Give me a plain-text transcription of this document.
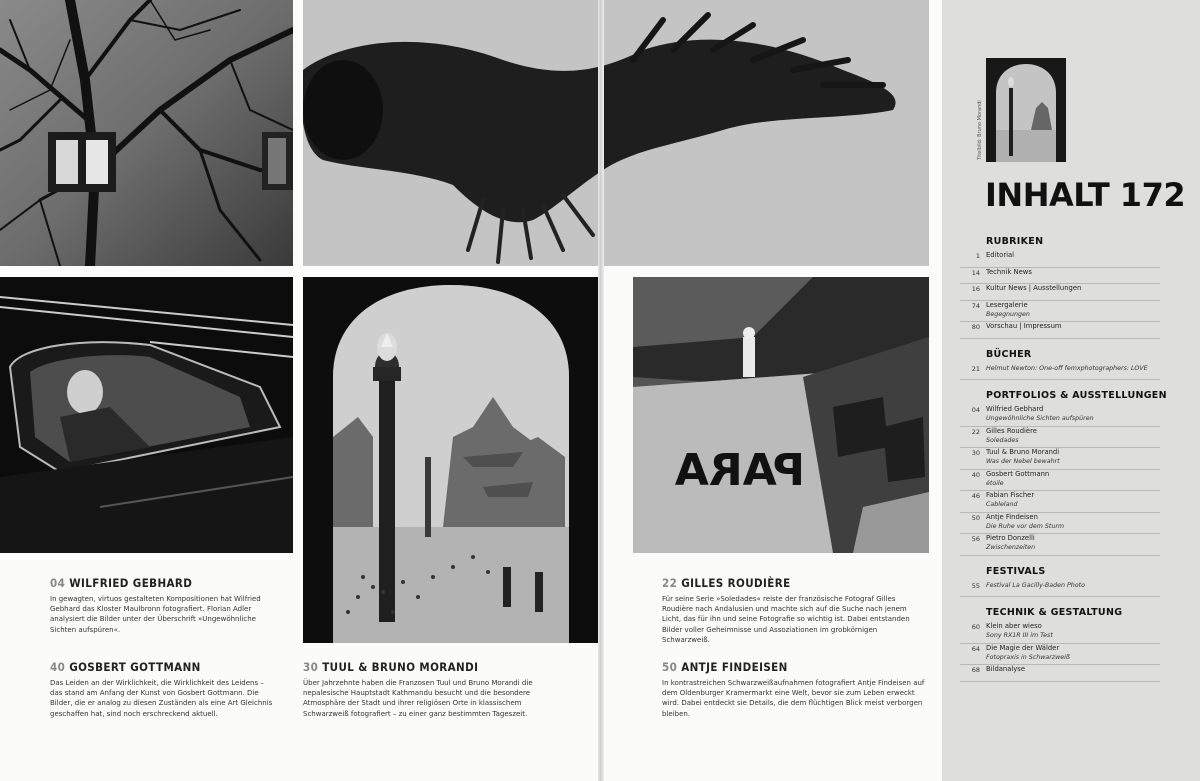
PARA
04 WILFRIED GEBHARD
In gewagten, virtuos gestalteten Kompositionen hat Wilfried Gebhard das Kloster Maulbronn fotografiert. Florian Adler analysiert die Bilder unter der Überschrift »Ungewöhnliche Sichten aufspüren«.
40 GOSBERT GOTTMANN
Das Leiden an der Wirklichkeit, die Wirklichkeit des Leidens – das stand am Anfang der Kunst von Gosbert Gottmann. Die Bilder, die er analog zu diesen Zuständen als eine Art Gleichnis geschaffen hat, sind noch erschreckend aktuell.
30 TUUL & BRUNO MORANDI
Über Jahrzehnte haben die Franzosen Tuul und Bruno Morandi die nepalesische Hauptstadt Kathmandu besucht und die besondere Atmosphäre der Stadt und ihrer religiösen Orte in klassischem Schwarzweiß fotografiert – zu einer ganz bestimmten Tageszeit.
22 GILLES ROUDIÈRE
Für seine Serie »Soledades« reiste der französische Fotograf Gilles Roudière nach Andalusien und machte sich auf die Suche nach jenem Licht, das für ihn und seine Fotografie so wichtig ist. Dabei entstanden Bilder voller Geheimnisse und Assoziationen im grobkörnigen Schwarzweiß.
50 ANTJE FINDEISEN
In kontrastreichen Schwarzweißaufnahmen fotografiert Antje Findeisen auf dem Oldenburger Kramermarkt eine Welt, bevor sie zum Leben erweckt wird. Dabei entdeckt sie Details, die dem flüchtigen Blick meist verborgen bleiben.
Titelbild: Bruno Morandi
INHALT 172
RUBRIKEN
1 Editorial
14 Technik News
16 Kultur News | Ausstellungen
74 Lesergalerie
Begegnungen
80 Vorschau | Impressum
BÜCHER
21 Helmut Newton: One-off femxphotographers: LOVE
PORTFOLIOS & AUSSTELLUNGEN
04 Wilfried Gebhard
Ungewöhnliche Sichten aufspüren
22 Gilles Roudière
Soledades
30 Tuul & Bruno Morandi
Was der Nebel bewahrt
40 Gosbert Gottmann
étoile
46 Fabian Fischer
Cableland
50 Antje Findeisen
Die Ruhe vor dem Sturm
56 Pietro Donzelli
Zwischenzeiten
FESTIVALS
55 Festival La Gacilly-Baden Photo
TECHNIK & GESTALTUNG
60 Klein aber wieso
Sony RX1R III im Test
64 Die Magie der Wälder
Fotopraxis in Schwarzweiß
68 Bildanalyse
